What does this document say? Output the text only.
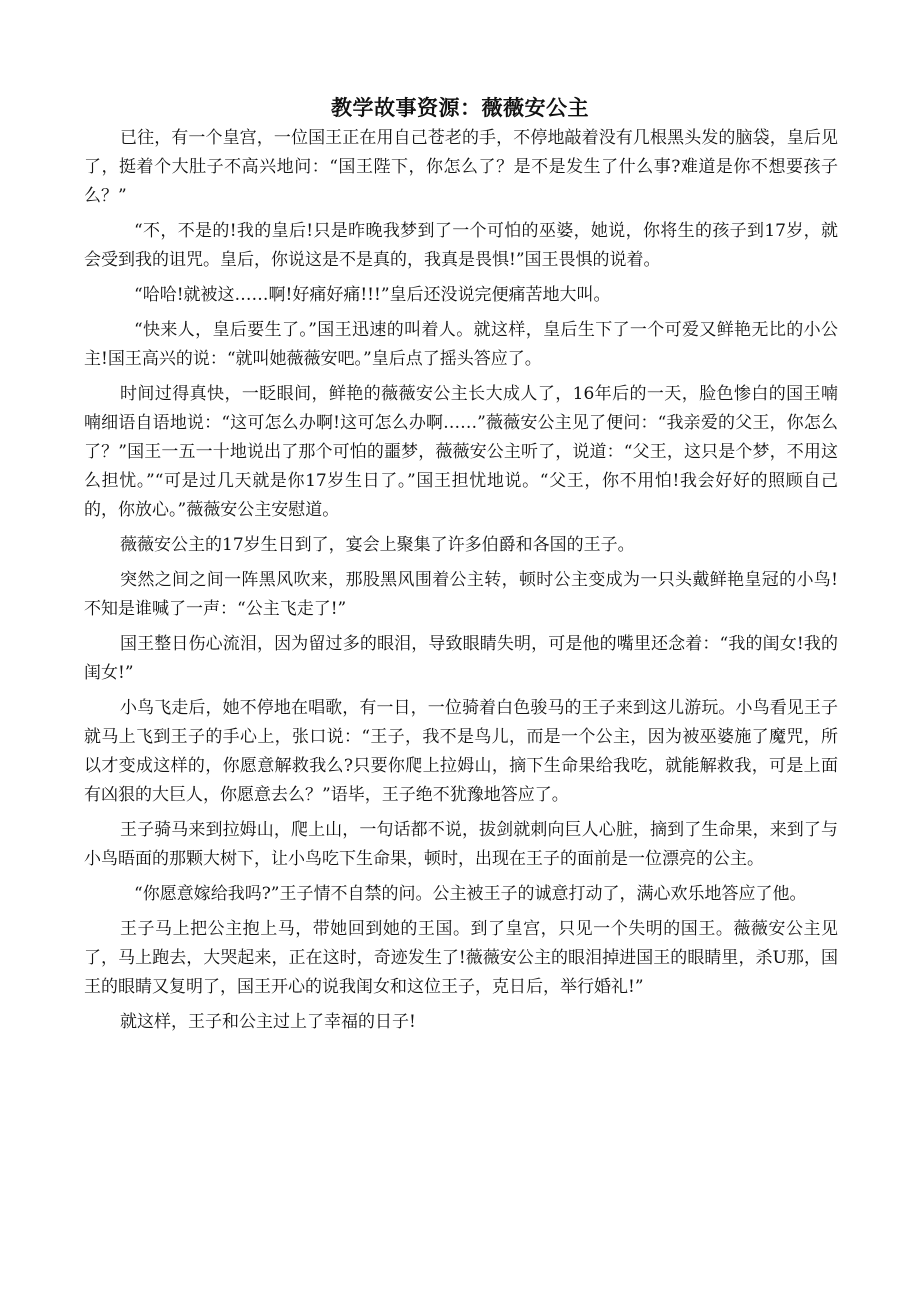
教学故事资源：薇薇安公主

已往，有一个皇宫，一位国王正在用自己苍老的手，不停地敲着没有几根黑头发的脑袋，皇后见了，挺着个大肚子不高兴地问：“国王陛下，你怎么了？是不是发生了什么事?难道是你不想要孩子么？”

“不，不是的!我的皇后!只是昨晚我梦到了一个可怕的巫婆，她说，你将生的孩子到17岁，就会受到我的诅咒。皇后，你说这是不是真的，我真是畏惧!”国王畏惧的说着。

“哈哈!就被这……啊!好痛好痛!!!”皇后还没说完便痛苦地大叫。

“快来人，皇后要生了。”国王迅速的叫着人。就这样，皇后生下了一个可爱又鲜艳无比的小公主!国王高兴的说：“就叫她薇薇安吧。”皇后点了摇头答应了。

时间过得真快，一眨眼间，鲜艳的薇薇安公主长大成人了，16年后的一天，脸色惨白的国王喃喃细语自语地说：“这可怎么办啊!这可怎么办啊……”薇薇安公主见了便问：“我亲爱的父王，你怎么了？”国王一五一十地说出了那个可怕的噩梦，薇薇安公主听了，说道：“父王，这只是个梦，不用这么担忧。”“可是过几天就是你17岁生日了。”国王担忧地说。“父王，你不用怕!我会好好的照顾自己的，你放心。”薇薇安公主安慰道。

薇薇安公主的17岁生日到了，宴会上聚集了许多伯爵和各国的王子。

突然之间之间一阵黑风吹来，那股黑风围着公主转，顿时公主变成为一只头戴鲜艳皇冠的小鸟!不知是谁喊了一声：“公主飞走了!”

国王整日伤心流泪，因为留过多的眼泪，导致眼睛失明，可是他的嘴里还念着：“我的闺女!我的闺女!”

小鸟飞走后，她不停地在唱歌，有一日，一位骑着白色骏马的王子来到这儿游玩。小鸟看见王子就马上飞到王子的手心上，张口说：“王子，我不是鸟儿，而是一个公主，因为被巫婆施了魔咒，所以才变成这样的，你愿意解救我么?只要你爬上拉姆山，摘下生命果给我吃，就能解救我，可是上面有凶狠的大巨人，你愿意去么？”语毕，王子绝不犹豫地答应了。

王子骑马来到拉姆山，爬上山，一句话都不说，拔剑就刺向巨人心脏，摘到了生命果，来到了与小鸟晤面的那颗大树下，让小鸟吃下生命果，顿时，出现在王子的面前是一位漂亮的公主。

“你愿意嫁给我吗?”王子情不自禁的问。公主被王子的诚意打动了，满心欢乐地答应了他。

王子马上把公主抱上马，带她回到她的王国。到了皇宫，只见一个失明的国王。薇薇安公主见了，马上跑去，大哭起来，正在这时，奇迹发生了!薇薇安公主的眼泪掉进国王的眼睛里，杀U那，国王的眼睛又复明了，国王开心的说我闺女和这位王子，克日后，举行婚礼!”

就这样，王子和公主过上了幸福的日子!
